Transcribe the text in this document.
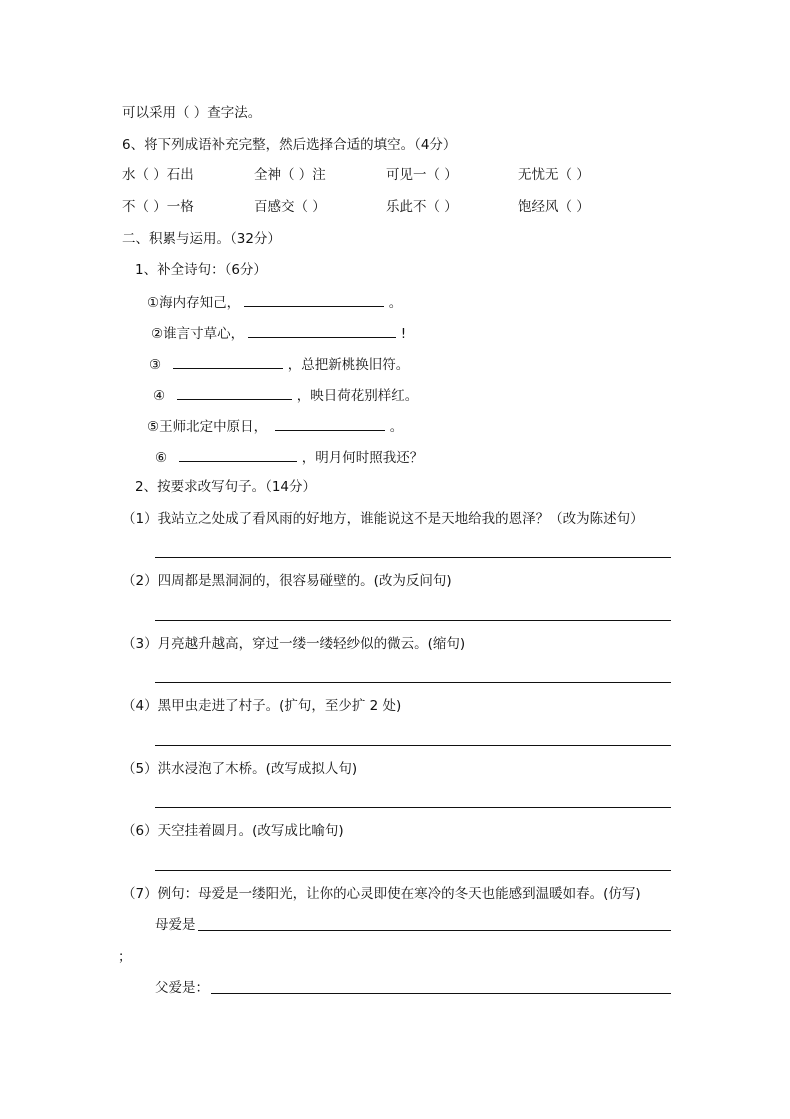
可以采用（ ）查字法。
6、将下列成语补充完整，然后选择合适的填空。（4分）
水（ ）石出	全神（ ）注	可见一（ ）	无忧无（ ）
不（ ）一格	百感交（ ）	乐此不（ ）	饱经风（ ）
二、积累与运用。（32分）
1、补全诗句：（6分）
①海内存知己，	。
②谁言寸草心，	!
③	，总把新桃换旧符。
④	，映日荷花别样红。
⑤王师北定中原日，	。
⑥	，明月何时照我还？
2、按要求改写句子。（14分）
（1）我站立之处成了看风雨的好地方，谁能说这不是天地给我的恩泽？（改为陈述句）
（2）四周都是黑洞洞的，很容易碰壁的。(改为反问句)
（3）月亮越升越高，穿过一缕一缕轻纱似的微云。(缩句)
（4）黑甲虫走进了村子。(扩句，至少扩 2 处)
（5）洪水浸泡了木桥。(改写成拟人句)
（6）天空挂着圆月。(改写成比喻句)
（7）例句：母爱是一缕阳光，让你的心灵即使在寒冷的冬天也能感到温暖如春。(仿写)
母爱是
；
父爱是：
